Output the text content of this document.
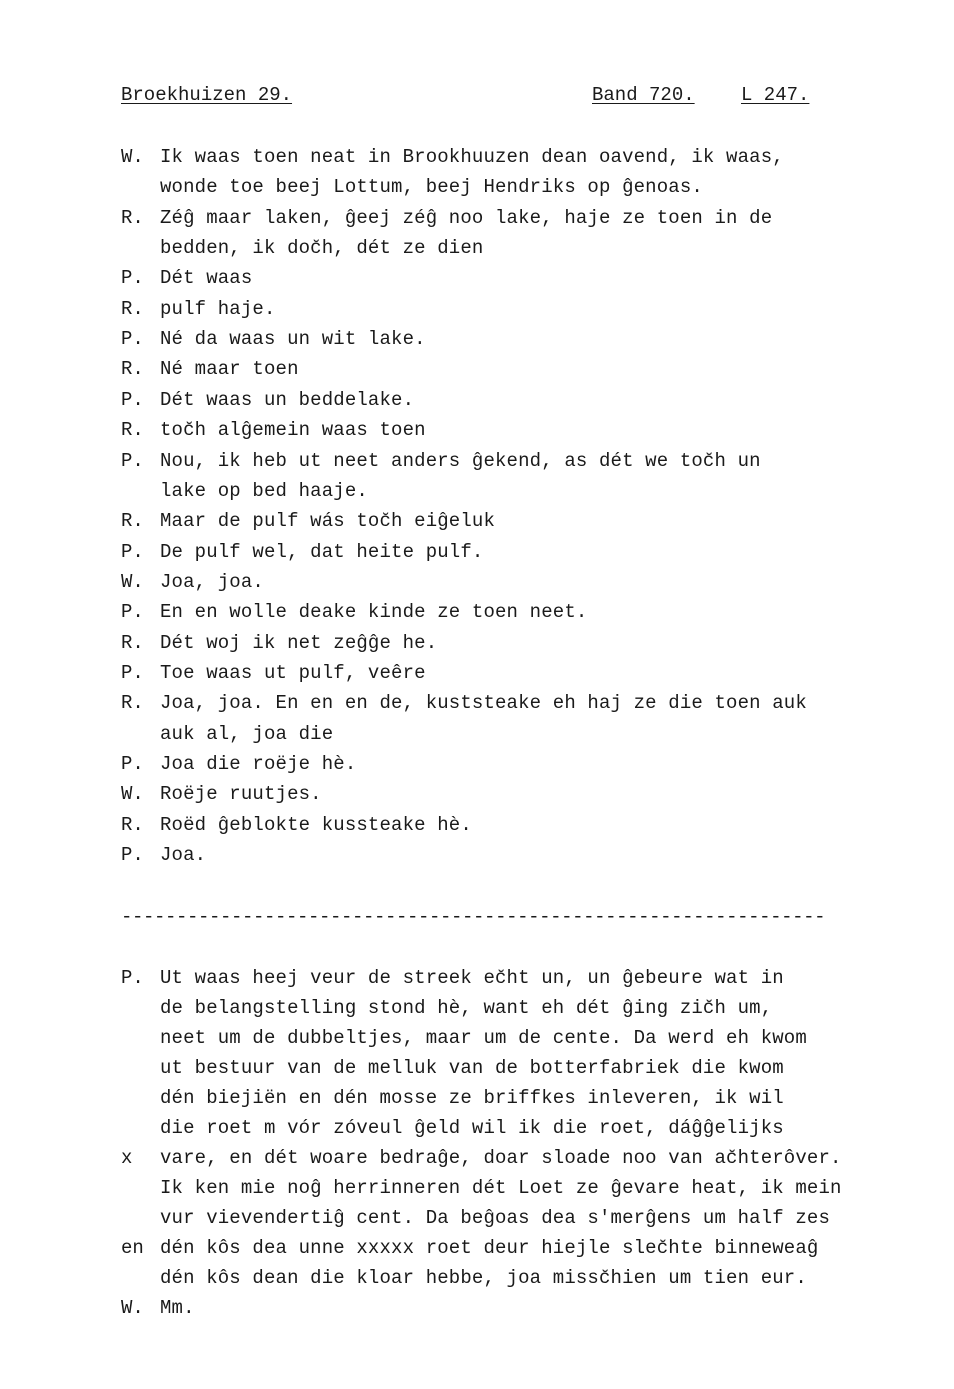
Broekhuizen 29.	Band 720. L 247.
W. Ik waas toen neat in Brookhuuzen dean oavend, ik waas,
wonde toe beej Lottum, beej Hendriks op ĝenoas.
R. Zéĝ maar laken, ĝeej zéĝ noo lake, haje ze toen in de
bedden, ik doc̆h, dét ze dien
P. Dét waas
R. pulf haje.
P. Né da waas un wit lake.
R. Né maar toen
P. Dét waas un beddelake.
R. toc̆h alĝemein waas toen
P. Nou, ik heb ut neet anders ĝekend, as dét we toc̆h un
lake op bed haaje.
R. Maar de pulf wás toc̆h eiĝeluk
P. De pulf wel, dat heite pulf.
W. Joa, joa.
P. En en wolle deake kinde ze toen neet.
R. Dét woj ik net zeĝĝe he.
P. Toe waas ut pulf, veêre
R. Joa, joa. En en en de, kuststeake eh haj ze die toen auk
auk al, joa die
P. Joa die roëje hè.
W. Roëje ruutjes.
R. Roëd ĝeblokte kussteake hè.
P. Joa.
----------------------------------------------------------------
P. Ut waas heej veur de streek ec̆ht un, un ĝebeure wat in
de belangstelling stond hè, want eh dét ĝing zic̆h um,
neet um de dubbeltjes, maar um de cente. Da werd eh kwom
ut bestuur van de melluk van de botterfabriek die kwom
dén biejiën en dén mosse ze briffkes inleveren, ik wil
die roet m vór zóveul ĝeld wil ik die roet, dáĝĝelijks
x vare, en dét woare bedraĝe, doar sloade noo van ac̆hterôver.
Ik ken mie noĝ herrinneren dét Loet ze ĝevare heat, ik mein
vur vievendertiĝ cent. Da beĝoas dea s'merĝens um half zes
en dén kôs dea unne xxxxx roet deur hiejle slec̆hte binneweaĝ
dén kôs dean die kloar hebbe, joa missc̆hien um tien eur.
W. Mm.
